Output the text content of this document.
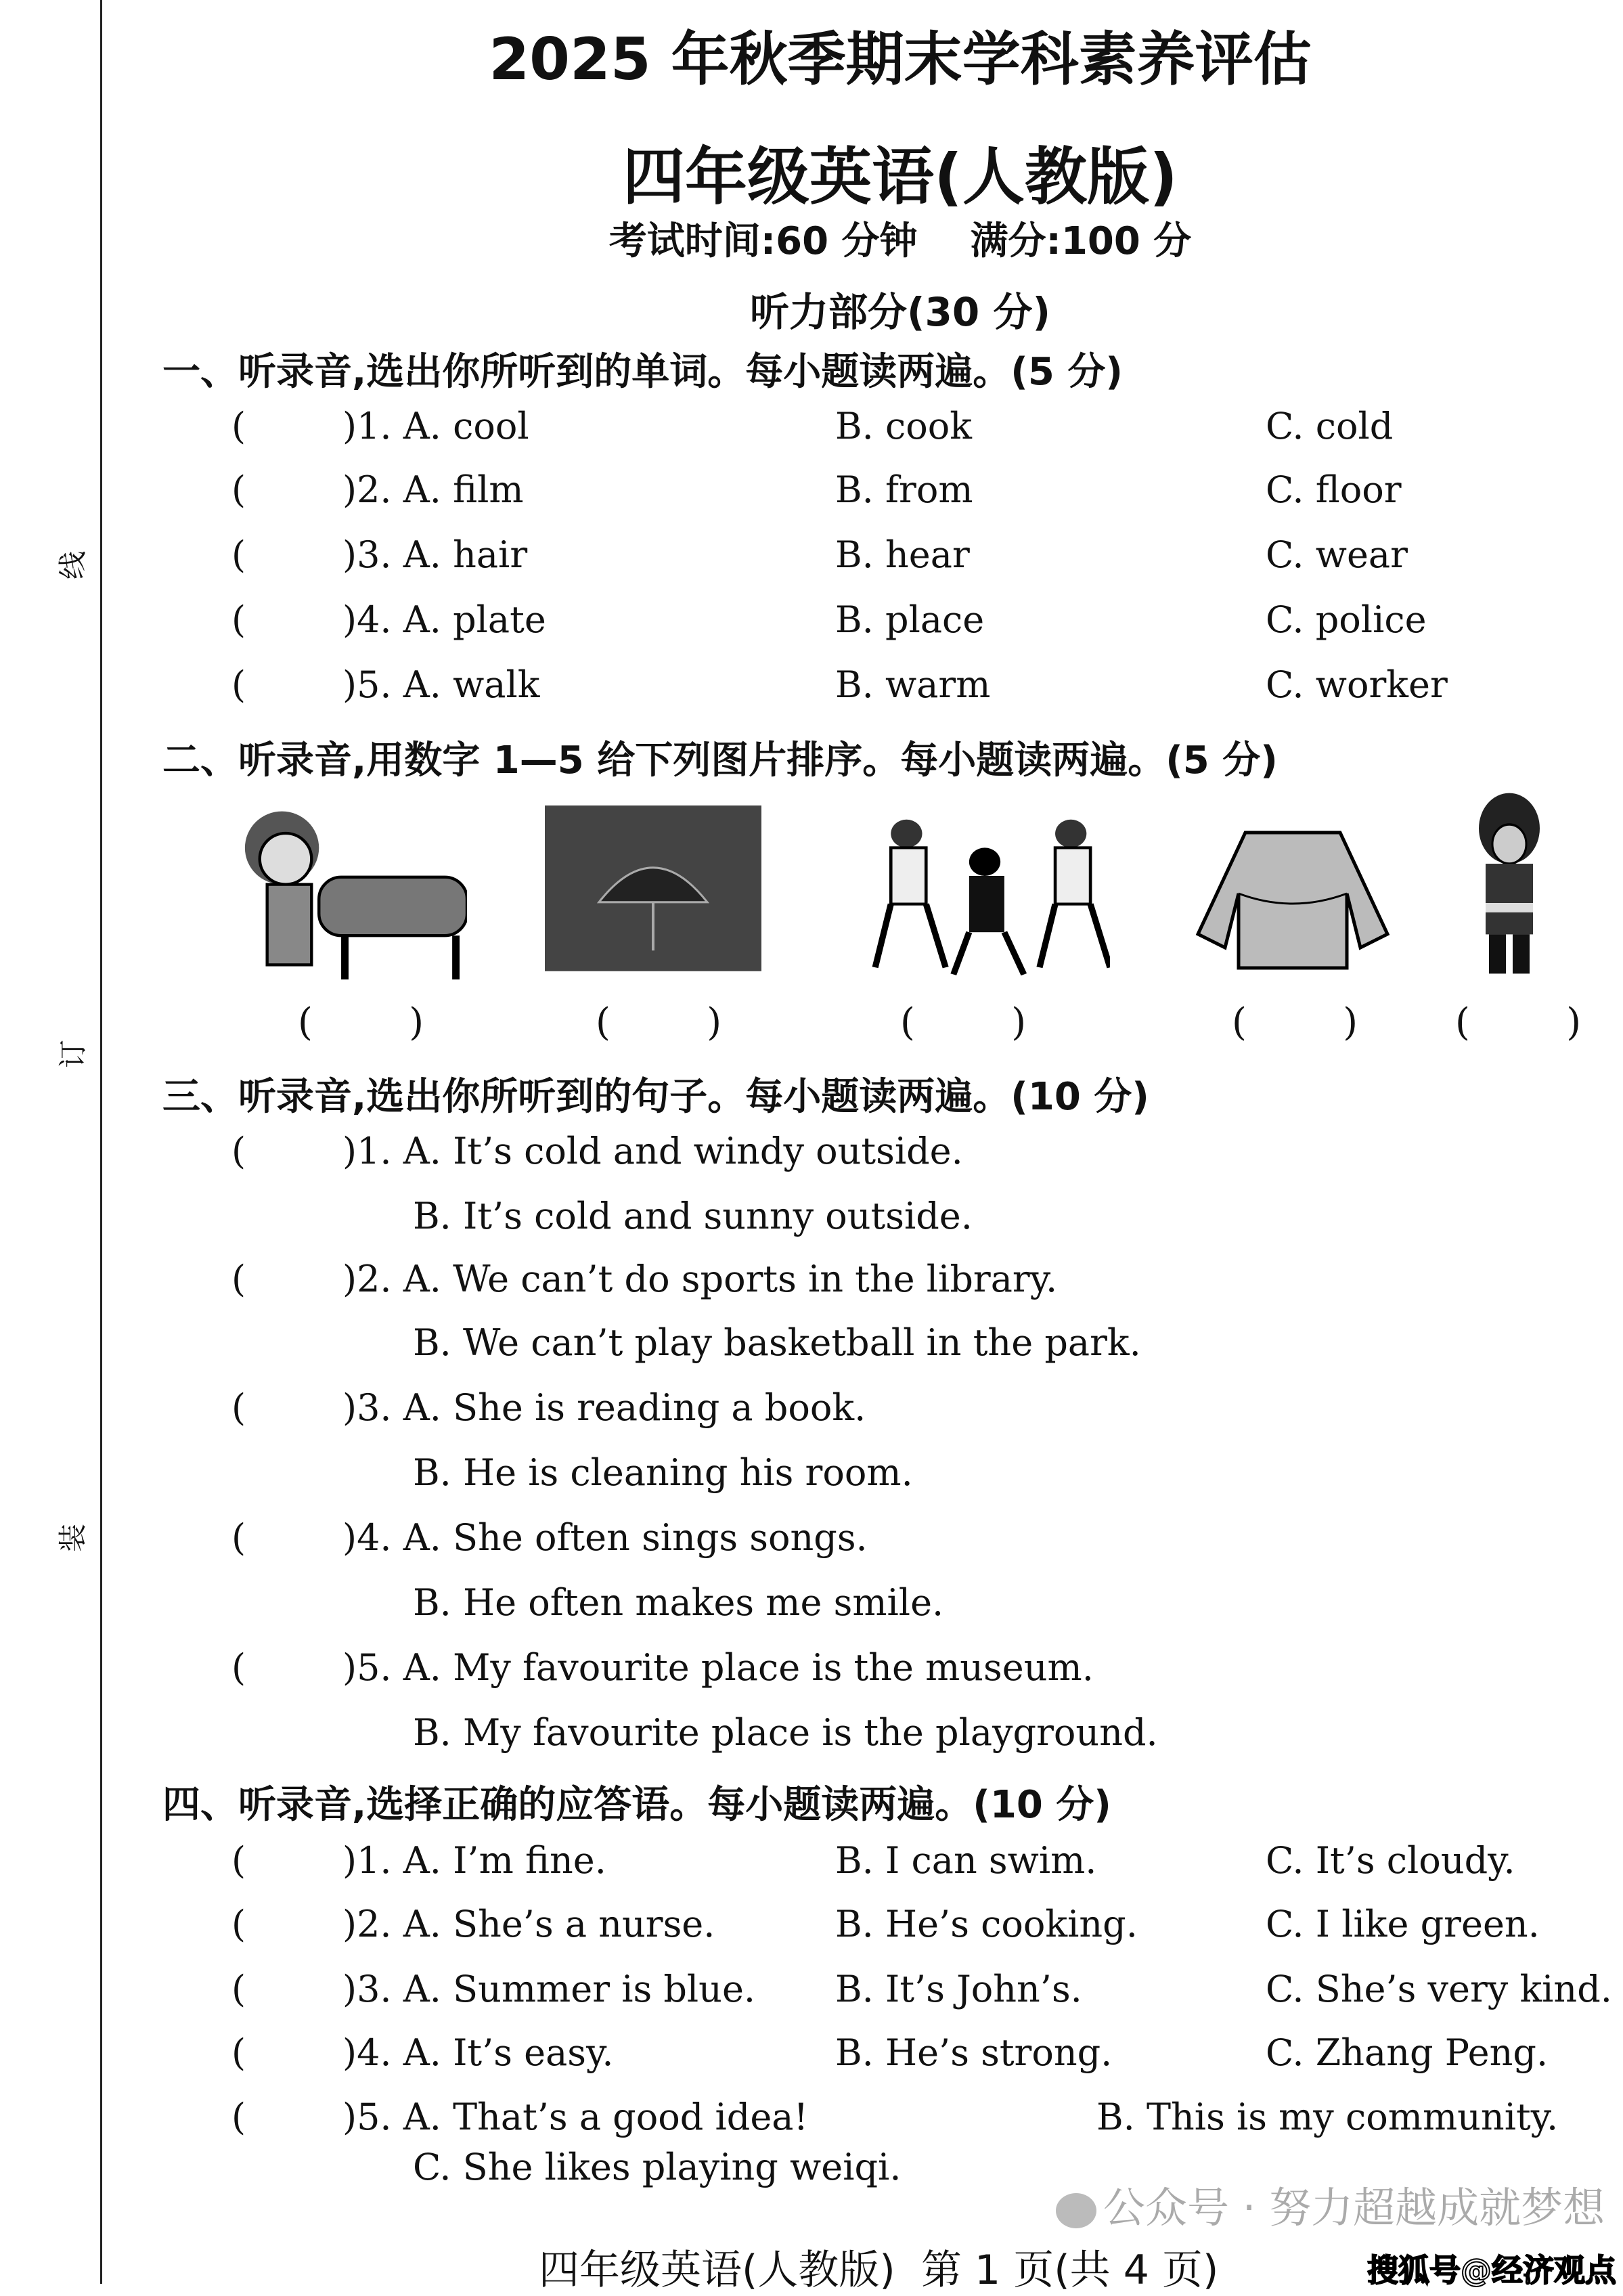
线
订
装
2025 年秋季期末学科素养评估
四年级英语(人教版)
考试时间:60 分钟    满分:100 分
听力部分(30 分)
一、听录音,选出你所听到的单词。每小题读两遍。(5 分)
(	)1. A. cool	B. cook	C. cold
(	)2. A. film	B. from	C. floor
(	)3. A. hair	B. hear	C. wear
(	)4. A. plate	B. place	C. police
(	)5. A. walk	B. warm	C. worker
二、听录音,用数字 1—5 给下列图片排序。每小题读两遍。(5 分)
(        )	(        )	(        )	(        )	(        )
三、听录音,选出你所听到的句子。每小题读两遍。(10 分)
(	)1. A. It’s cold and windy outside.
B. It’s cold and sunny outside.
(	)2. A. We can’t do sports in the library.
B. We can’t play basketball in the park.
(	)3. A. She is reading a book.
B. He is cleaning his room.
(	)4. A. She often sings songs.
B. He often makes me smile.
(	)5. A. My favourite place is the museum.
B. My favourite place is the playground.
四、听录音,选择正确的应答语。每小题读两遍。(10 分)
(	)1. A. I’m fine.	B. I can swim.	C. It’s cloudy.
(	)2. A. She’s a nurse.	B. He’s cooking.	C. I like green.
(	)3. A. Summer is blue. B. It’s John’s.	C. She’s very kind.
(	)4. A. It’s easy.	B. He’s strong.	C. Zhang Peng.
(	)5. A. That’s a good idea!	B. This is my community.
C. She likes playing weiqi.
四年级英语(人教版)  第 1 页(共 4 页)
公众号 · 努力超越成就梦想
搜狐号@经济观点
